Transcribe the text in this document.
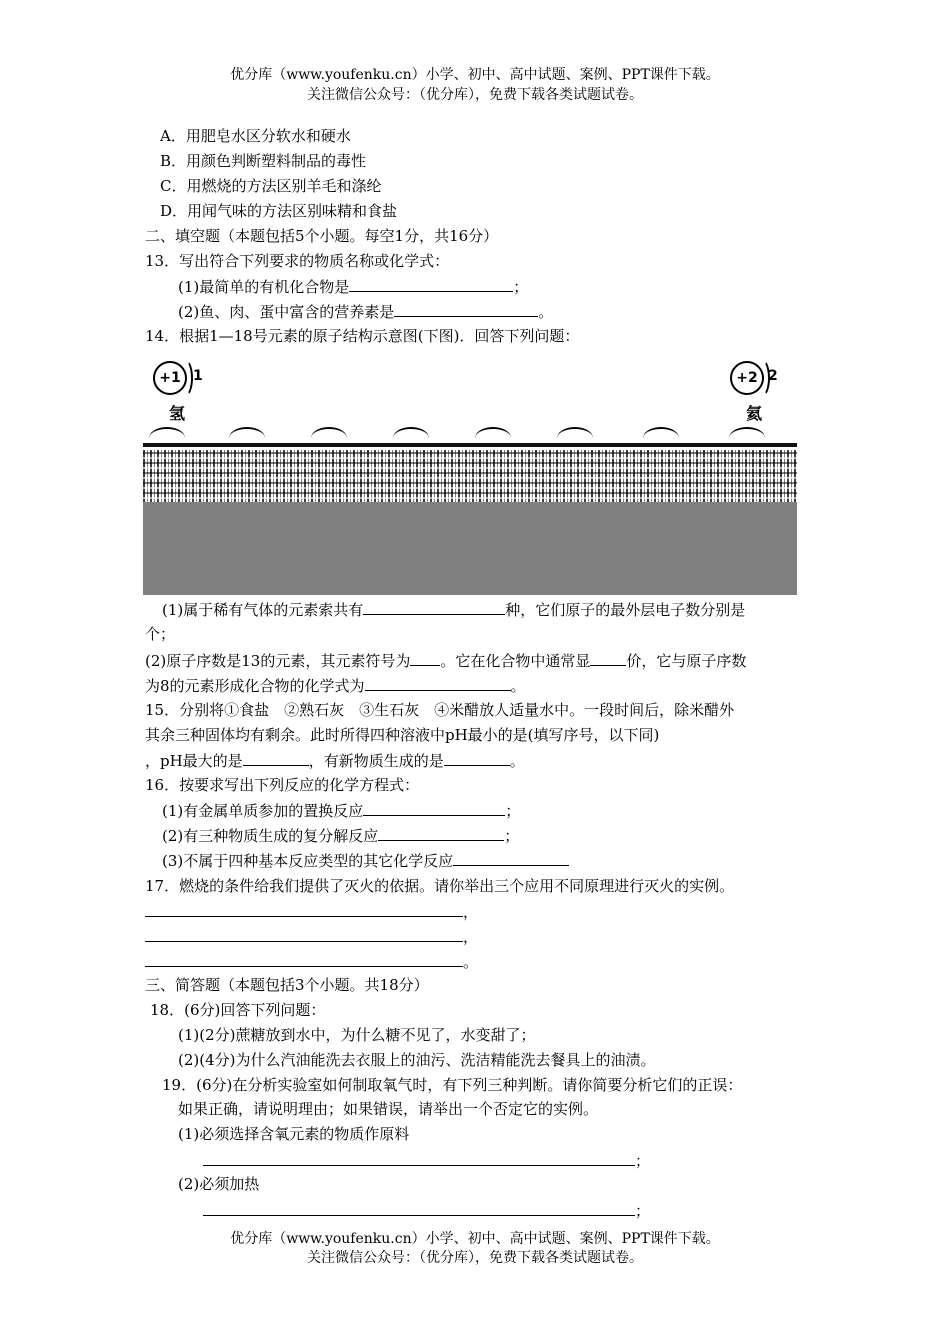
优分库（www.youfenku.cn）小学、初中、高中试题、案例、PPT课件下载。
关注微信公众号：（优分库），免费下载各类试题试卷。
A．用肥皂水区分软水和硬水
B．用颜色判断塑料制品的毒性
C．用燃烧的方法区别羊毛和涤纶
D．用闻气味的方法区别味精和食盐
二、填空题（本题包括5个小题。每空1分，共16分）
13．写出符合下列要求的物质名称或化学式：
(1)最简单的有机化合物是	；
(2)鱼、肉、蛋中富含的营养素是	。
14．根据1—18号元素的原子结构示意图(下图)．回答下列问题：
+1 1
氢
+2 2
氦
(1)属于稀有气体的元素索共有	种，它们原子的最外层电子数分别是
个；
(2)原子序数是13的元素，其元素符号为 。它在化合物中通常显 价，它与原子序数
为8的元素形成化合物的化学式为	。
15．分别将①食盐　②熟石灰　③生石灰　④米醋放人适量水中。一段时间后，除米醋外
其余三种固体均有剩余。此时所得四种溶液中pH最小的是(填写序号，以下同)
，pH最大的是	，有新物质生成的是	。
16．按要求写出下列反应的化学方程式：
(1)有金属单质参加的置换反应	；
(2)有三种物质生成的复分解反应	；
(3)不属于四种基本反应类型的其它化学反应
17．燃烧的条件给我们提供了灭火的依据。请你举出三个应用不同原理进行灭火的实例。
，
，
。
三、简答题（本题包括3个小题。共18分）
18．(6分)回答下列问题：
(1)(2分)蔗糖放到水中，为什么糖不见了，水变甜了；
(2)(4分)为什么汽油能洗去衣服上的油污、洗洁精能洗去餐具上的油渍。
19．(6分)在分析实验室如何制取氧气时，有下列三种判断。请你简要分析它们的正误：
如果正确，请说明理由；如果错误，请举出一个否定它的实例。
(1)必须选择含氧元素的物质作原料
；
(2)必须加热
；
优分库（www.youfenku.cn）小学、初中、高中试题、案例、PPT课件下载。
关注微信公众号：（优分库），免费下载各类试题试卷。
